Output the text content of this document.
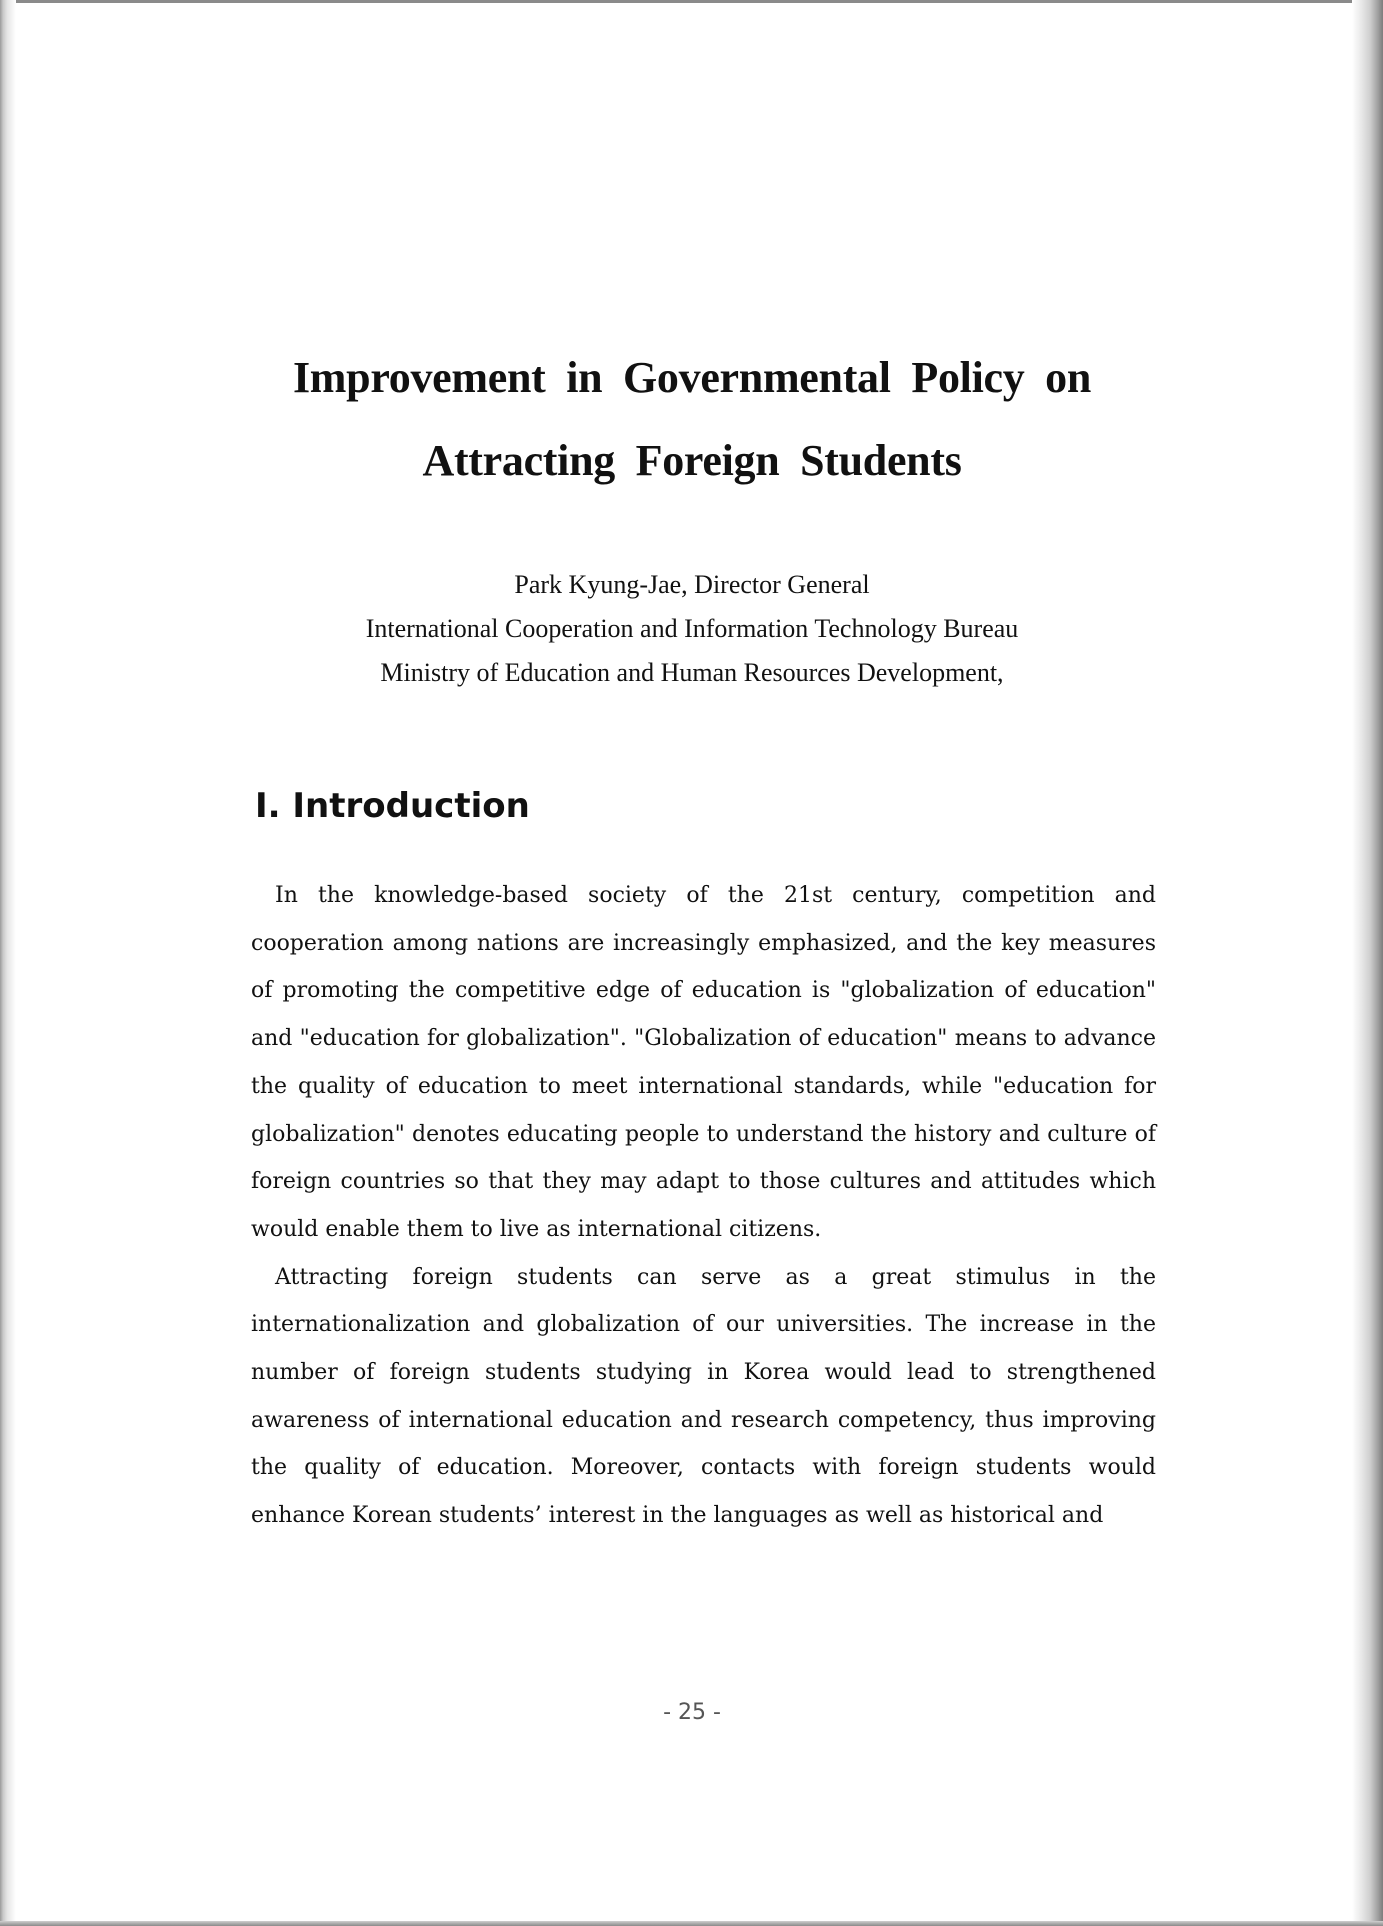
Improvement in Governmental Policy on
Attracting Foreign Students
Park Kyung-Jae, Director General
International Cooperation and Information Technology Bureau
Ministry of Education and Human Resources Development,
Ⅰ. Introduction

In the knowledge-based society of the 21st century, competition and cooperation among nations are increasingly emphasized, and the key measures of promoting the competitive edge of education is "globalization of education" and "education for globalization". "Globalization of education" means to advance the quality of education to meet international standards, while "education for globalization" denotes educating people to understand the history and culture of foreign countries so that they may adapt to those cultures and attitudes which would enable them to live as international citizens.

Attracting foreign students can serve as a great stimulus in the internationalization and globalization of our universities. The increase in the number of foreign students studying in Korea would lead to strengthened awareness of international education and research competency, thus improving the quality of education. Moreover, contacts with foreign students would enhance Korean students’ interest in the languages as well as historical and

- 25 -
